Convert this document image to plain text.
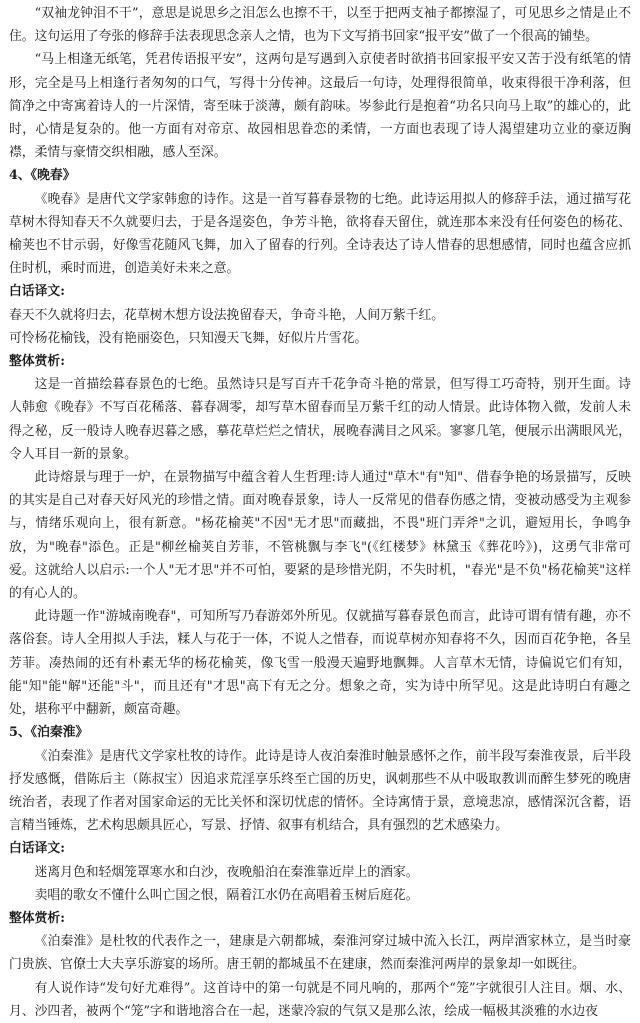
“双袖龙钟泪不干”，意思是说思乡之泪怎么也擦不干，以至于把两支袖子都擦湿了，可见思乡之情是止不住。这句运用了夸张的修辞手法表现思念亲人之情，也为下文写捎书回家“报平安”做了一个很高的铺垫。

“马上相逢无纸笔，凭君传语报平安”，这两句是写遇到入京使者时欲捎书回家报平安又苦于没有纸笔的情形，完全是马上相逢行者匆匆的口气，写得十分传神。这最后一句诗，处理得很简单，收束得很干净利落，但简净之中寄寓着诗人的一片深情，寄至味于淡薄，颇有韵味。岑参此行是抱着“功名只向马上取”的雄心的，此时，心情是复杂的。他一方面有对帝京、故园相思眷恋的柔情，一方面也表现了诗人渴望建功立业的豪迈胸襟，柔情与豪情交织相融，感人至深。

4、《晚春》

《晚春》是唐代文学家韩愈的诗作。这是一首写暮春景物的七绝。此诗运用拟人的修辞手法，通过描写花草树木得知春天不久就要归去，于是各逞姿色，争芳斗艳，欲将春天留住，就连那本来没有任何姿色的杨花、榆荚也不甘示弱，好像雪花随风飞舞，加入了留春的行列。全诗表达了诗人惜春的思想感情，同时也蕴含应抓住时机，乘时而进，创造美好未来之意。

白话译文:

春天不久就将归去，花草树木想方设法挽留春天，争奇斗艳，人间万紫千红。

可怜杨花榆钱，没有艳丽姿色，只知漫天飞舞，好似片片雪花。

整体赏析:

这是一首描绘暮春景色的七绝。虽然诗只是写百卉千花争奇斗艳的常景，但写得工巧奇特，别开生面。诗人韩愈《晚春》不写百花稀落、暮春凋零，却写草木留春而呈万紫千红的动人情景。此诗体物入微，发前人未得之秘，反一般诗人晚春迟暮之感，摹花草烂烂之情状，展晚春满目之风采。寥寥几笔，便展示出满眼风光，令人耳目一新的景象。

此诗熔景与理于一炉，在景物描写中蕴含着人生哲理:诗人通过"草木"有"知"、借春争艳的场景描写，反映的其实是自己对春天好风光的珍惜之情。面对晚春景象，诗人一反常见的借春伤感之情，变被动感受为主观参与，情绪乐观向上，很有新意。"杨花榆荚"不因"无才思"而藏拙，不畏"班门弄斧"之讥，避短用长，争鸣争放，为"晚春"添色。正是"柳丝榆荚自芳菲，不管桃飘与李飞"(《红楼梦》林黛玉《葬花吟》)，这勇气非常可爱。这就给人以启示:一个人"无才思"并不可怕，要紧的是珍惜光阴，不失时机，"春光"是不负"杨花榆荚"这样的有心人的。

此诗题一作"游城南晚春"，可知所写乃春游郊外所见。仅就描写暮春景色而言，此诗可谓有情有趣，亦不落俗套。诗人全用拟人手法，糅人与花于一体，不说人之惜春，而说草树亦知春将不久，因而百花争艳，各呈芳菲。凑热闹的还有朴素无华的杨花榆荚，像飞雪一般漫天遍野地飘舞。人言草木无情，诗偏说它们有知，能"知"能"解"还能"斗"，而且还有"才思"高下有无之分。想象之奇，实为诗中所罕见。这是此诗明白有趣之处，堪称平中翻新，颇富奇趣。

5、《泊秦淮》

《泊秦淮》是唐代文学家杜牧的诗作。此诗是诗人夜泊秦淮时触景感怀之作，前半段写秦淮夜景，后半段抒发感慨，借陈后主（陈叔宝）因追求荒淫享乐终至亡国的历史，讽刺那些不从中吸取教训而醉生梦死的晚唐统治者，表现了作者对国家命运的无比关怀和深切忧虑的情怀。全诗寓情于景，意境悲凉，感情深沉含蓄，语言精当锤炼，艺术构思颇具匠心，写景、抒情、叙事有机结合，具有强烈的艺术感染力。

白话译文:

迷离月色和轻烟笼罩寒水和白沙，夜晚船泊在秦淮靠近岸上的酒家。

卖唱的歌女不懂什么叫亡国之恨，隔着江水仍在高唱着玉树后庭花。

整体赏析:

《泊秦淮》是杜牧的代表作之一，建康是六朝都城，秦淮河穿过城中流入长江，两岸酒家林立，是当时豪门贵族、官僚士大夫享乐游宴的场所。唐王朝的都城虽不在建康，然而秦淮河两岸的景象却一如既往。

有人说作诗“发句好尤难得”。这首诗中的第一句就是不同凡响的，那两个“笼”字就很引人注目。烟、水、月、沙四者，被两个“笼”字和谐地溶合在一起，迷蒙冷寂的气氛又是那么浓，绘成一幅极其淡雅的水边夜
